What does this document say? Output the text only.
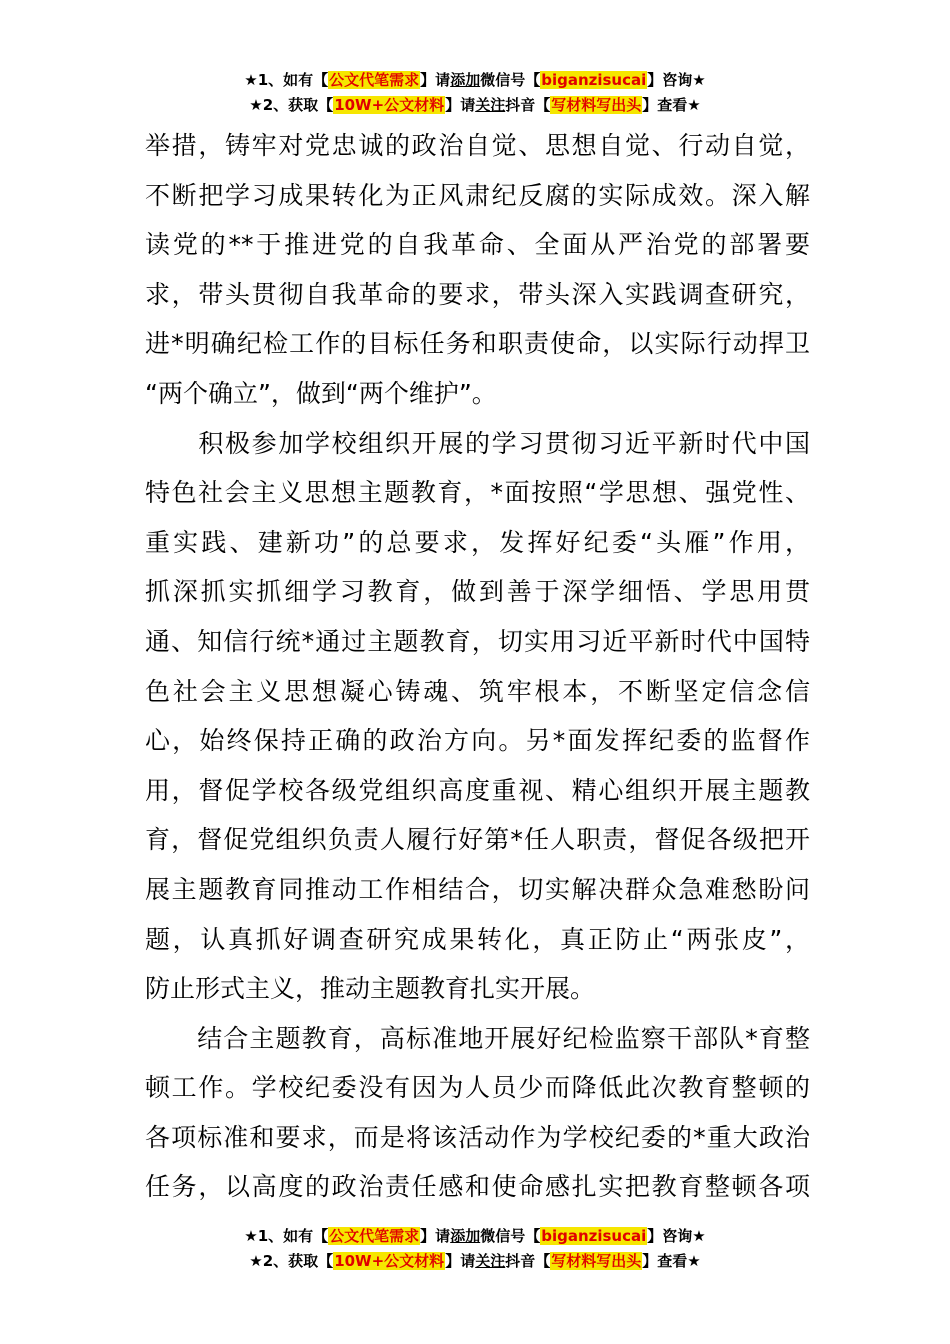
★1、如有【公文代笔需求】请添加微信号【biganzisucai】咨询★
★2、获取【10W+公文材料】请关注抖音【写材料写出头】查看★
举措，铸牢对党忠诚的政治自觉、思想自觉、行动自觉，
不断把学习成果转化为正风肃纪反腐的实际成效。深入解
读党的**于推进党的自我革命、全面从严治党的部署要
求，带头贯彻自我革命的要求，带头深入实践调查研究，
进*明确纪检工作的目标任务和职责使命，以实际行动捍卫
“两个确立”，做到“两个维护”。
　　积极参加学校组织开展的学习贯彻习近平新时代中国
特色社会主义思想主题教育，*面按照“学思想、强党性、
重实践、建新功”的总要求，发挥好纪委“头雁”作用，
抓深抓实抓细学习教育，做到善于深学细悟、学思用贯
通、知信行统*通过主题教育，切实用习近平新时代中国特
色社会主义思想凝心铸魂、筑牢根本，不断坚定信念信
心，始终保持正确的政治方向。另*面发挥纪委的监督作
用，督促学校各级党组织高度重视、精心组织开展主题教
育，督促党组织负责人履行好第*任人职责，督促各级把开
展主题教育同推动工作相结合，切实解决群众急难愁盼问
题，认真抓好调查研究成果转化，真正防止“两张皮”，
防止形式主义，推动主题教育扎实开展。
　　结合主题教育，高标准地开展好纪检监察干部队*育整
顿工作。学校纪委没有因为人员少而降低此次教育整顿的
各项标准和要求，而是将该活动作为学校纪委的*重大政治
任务，以高度的政治责任感和使命感扎实把教育整顿各项
★1、如有【公文代笔需求】请添加微信号【biganzisucai】咨询★
★2、获取【10W+公文材料】请关注抖音【写材料写出头】查看★
